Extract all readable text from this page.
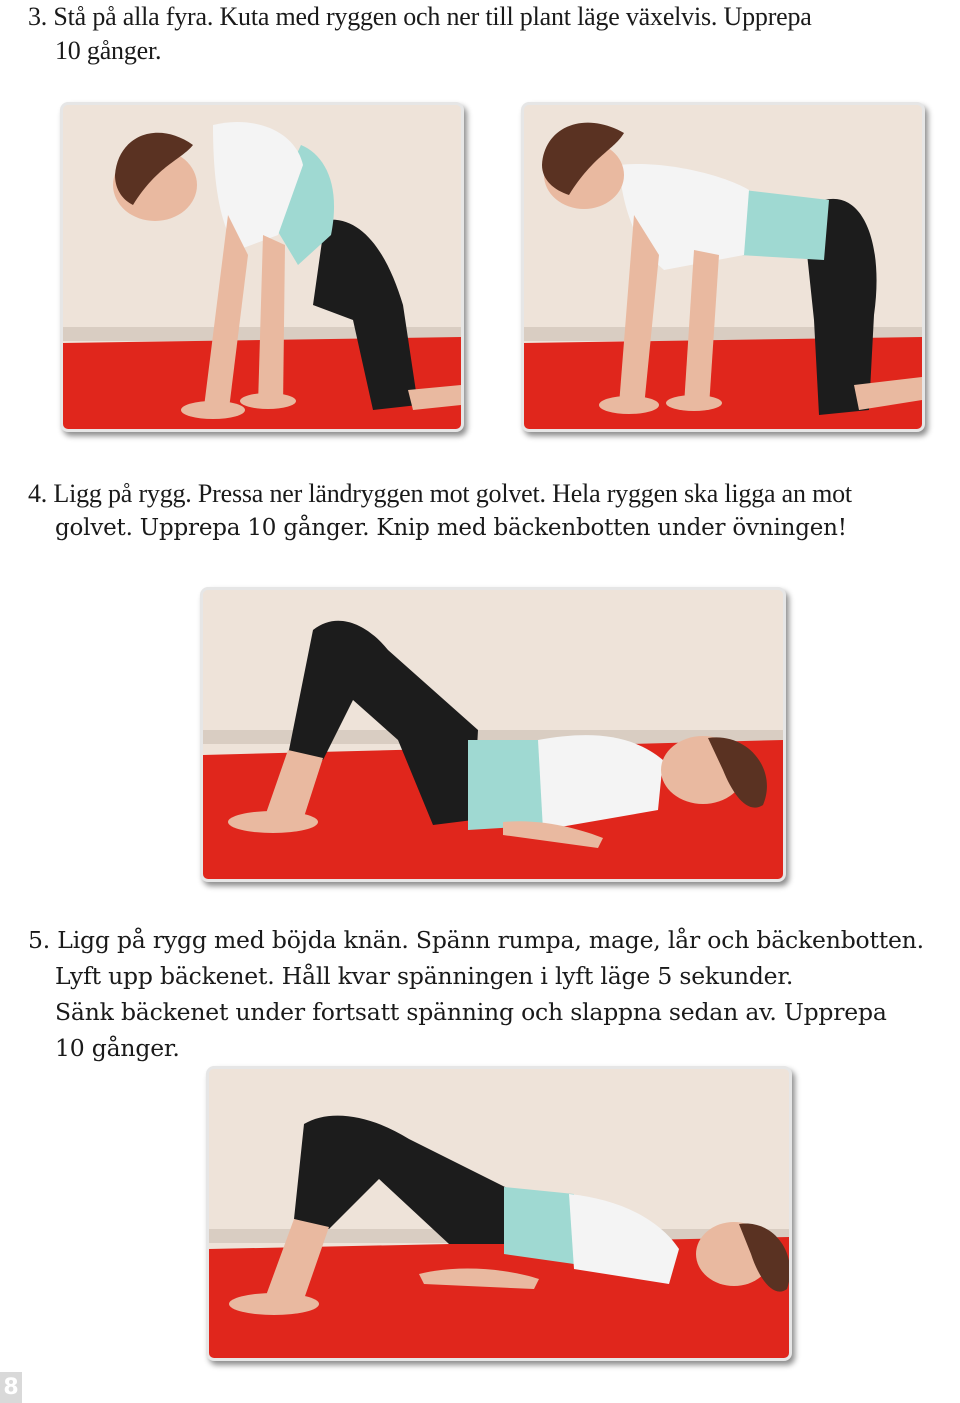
3. Stå på alla fyra. Kuta med ryggen och ner till plant läge växelvis. Upprepa
10 gånger.
4. Ligg på rygg. Pressa ner ländryggen mot golvet. Hela ryggen ska ligga an mot
golvet. Upprepa 10 gånger. Knip med bäckenbotten under övningen!
5. Ligg på rygg med böjda knän. Spänn rumpa, mage, lår och bäckenbotten.
Lyft upp bäckenet. Håll kvar spänningen i lyft läge 5 sekunder.
Sänk bäckenet under fortsatt spänning och slappna sedan av. Upprepa
10 gånger.
8
